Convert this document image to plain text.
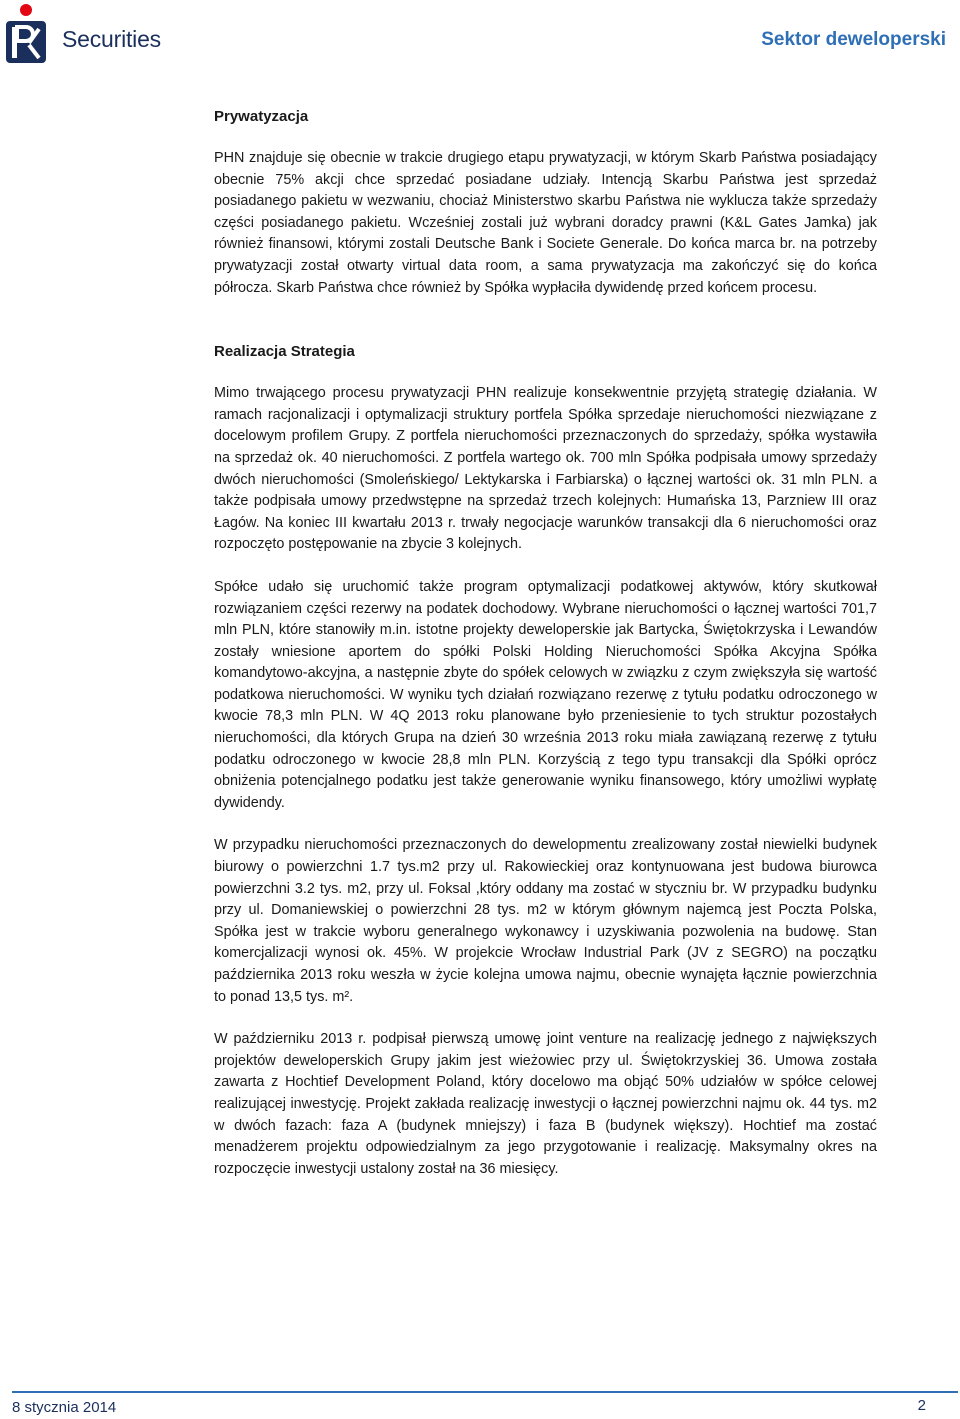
Securities	Sektor deweloperski
Prywatyzacja

PHN znajduje się obecnie w trakcie drugiego etapu prywatyzacji, w którym Skarb Państwa posiadający obecnie 75% akcji chce sprzedać posiadane udziały. Intencją Skarbu Państwa jest sprzedaż posiadanego pakietu w wezwaniu, chociaż Ministerstwo skarbu Państwa nie wyklucza także sprzedaży części posiadanego pakietu. Wcześniej zostali już wybrani doradcy prawni (K&L Gates Jamka) jak również finansowi, którymi zostali Deutsche Bank i Societe Generale. Do końca marca br. na potrzeby prywatyzacji został otwarty virtual data room, a sama prywatyzacja ma zakończyć się do końca półrocza. Skarb Państwa chce również by Spółka wypłaciła dywidendę przed końcem procesu.

Realizacja Strategia

Mimo trwającego procesu prywatyzacji PHN realizuje konsekwentnie przyjętą strategię działania. W ramach racjonalizacji i optymalizacji struktury portfela Spółka sprzedaje nieruchomości niezwiązane z docelowym profilem Grupy. Z portfela nieruchomości przeznaczonych do sprzedaży, spółka wystawiła na sprzedaż ok. 40 nieruchomości. Z portfela wartego ok. 700 mln Spółka podpisała umowy sprzedaży dwóch nieruchomości (Smoleńskiego/ Lektykarska i Farbiarska) o łącznej wartości ok. 31 mln PLN. a także podpisała umowy przedwstępne na sprzedaż trzech kolejnych: Humańska 13, Parzniew III oraz Łagów. Na koniec III kwartału 2013 r. trwały negocjacje warunków transakcji dla 6 nieruchomości oraz rozpoczęto postępowanie na zbycie 3 kolejnych.

Spółce udało się uruchomić także program optymalizacji podatkowej aktywów, który skutkował rozwiązaniem części rezerwy na podatek dochodowy. Wybrane nieruchomości o łącznej wartości 701,7 mln PLN, które stanowiły m.in. istotne projekty deweloperskie jak Bartycka, Świętokrzyska i Lewandów zostały wniesione aportem do spółki Polski Holding Nieruchomości Spółka Akcyjna Spółka komandytowo-akcyjna, a następnie zbyte do spółek celowych w związku z czym zwiększyła się wartość podatkowa nieruchomości. W wyniku tych działań rozwiązano rezerwę z tytułu podatku odroczonego w kwocie 78,3 mln PLN. W 4Q 2013 roku planowane było przeniesienie to tych struktur pozostałych nieruchomości, dla których Grupa na dzień 30 września 2013 roku miała zawiązaną rezerwę z tytułu podatku odroczonego w kwocie 28,8 mln PLN. Korzyścią z tego typu transakcji dla Spółki oprócz obniżenia potencjalnego podatku jest także generowanie wyniku finansowego, który umożliwi wypłatę dywidendy.

W przypadku nieruchomości przeznaczonych do dewelopmentu zrealizowany został niewielki budynek biurowy o powierzchni 1.7 tys.m2 przy ul. Rakowieckiej oraz kontynuowana jest budowa biurowca powierzchni 3.2 tys. m2, przy ul. Foksal ,który oddany ma zostać w styczniu br. W przypadku budynku przy ul. Domaniewskiej o powierzchni 28 tys. m2 w którym głównym najemcą jest Poczta Polska, Spółka jest w trakcie wyboru generalnego wykonawcy i uzyskiwania pozwolenia na budowę. Stan komercjalizacji wynosi ok. 45%. W projekcie Wrocław Industrial Park (JV z SEGRO) na początku października 2013 roku weszła w życie kolejna umowa najmu, obecnie wynajęta łącznie powierzchnia to ponad 13,5 tys. m².

W październiku 2013 r. podpisał pierwszą umowę joint venture na realizację jednego z największych projektów deweloperskich Grupy jakim jest wieżowiec przy ul. Świętokrzyskiej 36. Umowa została zawarta z Hochtief Development Poland, który docelowo ma objąć 50% udziałów w spółce celowej realizującej inwestycję. Projekt zakłada realizację inwestycji o łącznej powierzchni najmu ok. 44 tys. m2 w dwóch fazach: faza A (budynek mniejszy) i faza B (budynek większy). Hochtief ma zostać menadżerem projektu odpowiedzialnym za jego przygotowanie i realizację. Maksymalny okres na rozpoczęcie inwestycji ustalony został na 36 miesięcy.

8 stycznia 2014	2
